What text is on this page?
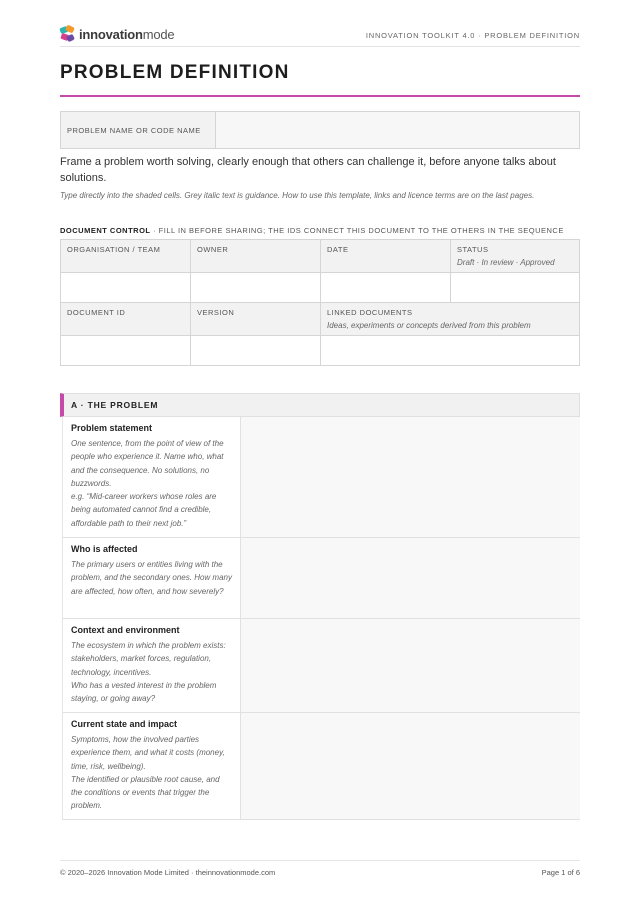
innovationmode	INNOVATION TOOLKIT 4.0 · PROBLEM DEFINITION
PROBLEM DEFINITION
PROBLEM NAME OR CODE NAME
Frame a problem worth solving, clearly enough that others can challenge it, before anyone talks about solutions.
Type directly into the shaded cells. Grey italic text is guidance. How to use this template, links and licence terms are on the last pages.
DOCUMENT CONTROL · FILL IN BEFORE SHARING; THE IDS CONNECT THIS DOCUMENT TO THE OTHERS IN THE SEQUENCE
ORGANISATION / TEAM	OWNER	DATE	STATUS
Draft · In review · Approved

DOCUMENT ID	VERSION	LINKED DOCUMENTS
Ideas, experiments or concepts derived from this problem	

A · THE PROBLEM
Problem statement
One sentence, from the point of view of the people who experience it. Name who, what and the consequence. No solutions, no buzzwords.
e.g. “Mid-career workers whose roles are being automated cannot find a credible, affordable path to their next job.”
Who is affected
The primary users or entities living with the problem, and the secondary ones. How many are affected, how often, and how severely?
Context and environment
The ecosystem in which the problem exists: stakeholders, market forces, regulation, technology, incentives.
Who has a vested interest in the problem staying, or going away?
Current state and impact
Symptoms, how the involved parties experience them, and what it costs (money, time, risk, wellbeing).
The identified or plausible root cause, and the conditions or events that trigger the problem.
© 2020–2026 Innovation Mode Limited · theinnovationmode.com	Page 1 of 6
